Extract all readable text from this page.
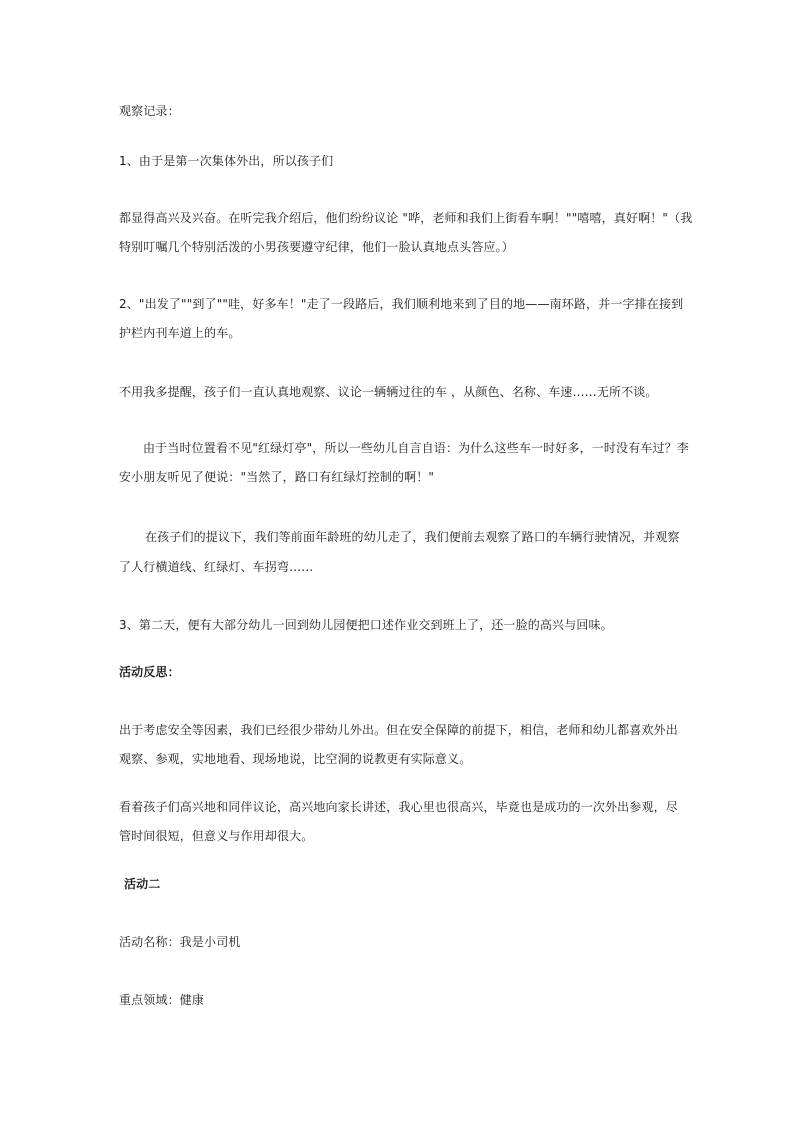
观察记录：
1、由于是第一次集体外出，所以孩子们
都显得高兴及兴奋。在听完我介绍后，他们纷纷议论 "哗，老师和我们上街看车啊！""嘻嘻，真好啊！"（我
特别叮嘱几个特别活泼的小男孩要遵守纪律，他们一脸认真地点头答应。）
2、"出发了""到了""哇，好多车！"走了一段路后，我们顺利地来到了目的地——南环路，并一字排在接到
护栏内刊车道上的车。
不用我多提醒，孩子们一直认真地观察、议论一辆辆过往的车 ，从颜色、名称、车速……无所不谈。
由于当时位置看不见"红绿灯亭"，所以一些幼儿自言自语：为什么这些车一时好多，一时没有车过？李
安小朋友听见了便说："当然了，路口有红绿灯控制的啊！"
在孩子们的提议下，我们等前面年龄班的幼儿走了，我们便前去观察了路口的车辆行驶情况，并观察
了人行横道线、红绿灯、车拐弯……
3、第二天，便有大部分幼儿一回到幼儿园便把口述作业交到班上了，还一脸的高兴与回味。
活动反思：
出于考虑安全等因素，我们已经很少带幼儿外出。但在安全保障的前提下，相信，老师和幼儿都喜欢外出
观察、参观，实地地看、现场地说，比空洞的说教更有实际意义。
看着孩子们高兴地和同伴议论，高兴地向家长讲述，我心里也很高兴，毕竟也是成功的一次外出参观，尽
管时间很短，但意义与作用却很大。
活动二
活动名称：我是小司机
重点领域：健康
